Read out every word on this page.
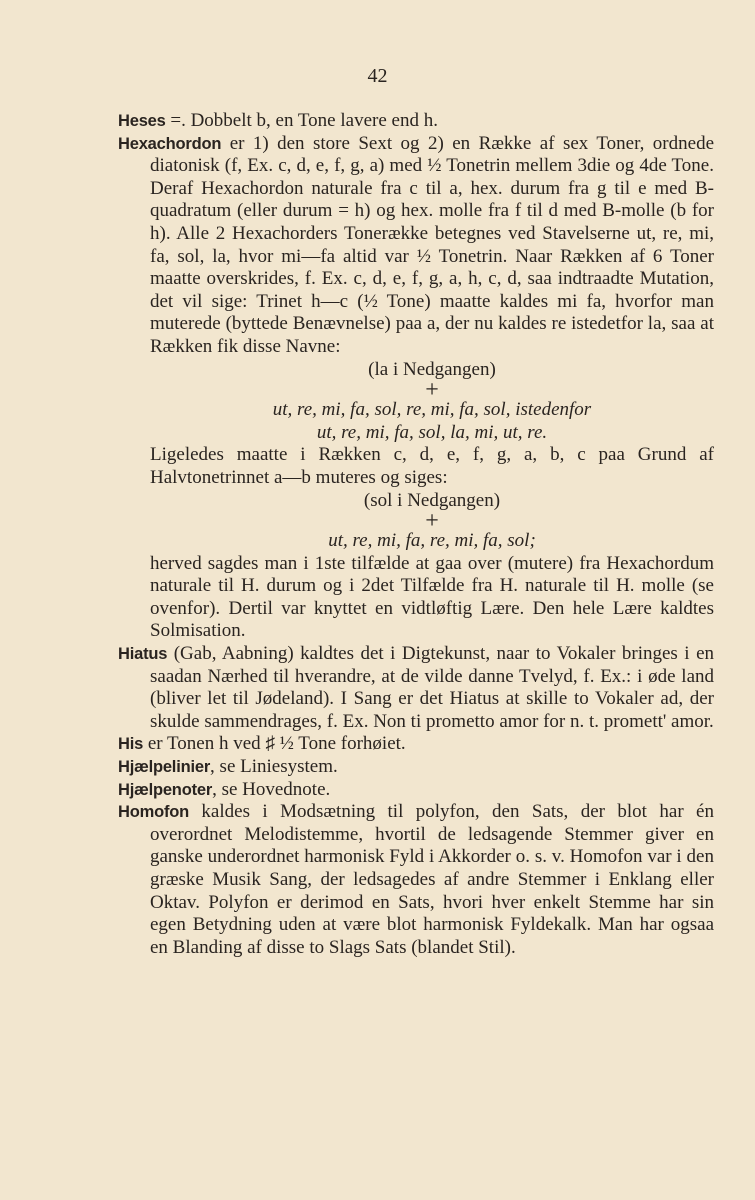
42

Heses =. Dobbelt b, en Tone lavere end h.

Hexachordon er 1) den store Sext og 2) en Række af sex Toner, ordnede diatonisk (f, Ex. c, d, e, f, g, a) med ½ Tonetrin mellem 3die og 4de Tone. Deraf Hexachordon naturale fra c til a, hex. durum fra g til e med B-quadratum (eller durum = h) og hex. molle fra f til d med B-molle (b for h). Alle 2 Hexachorders Tonerække betegnes ved Stavelserne ut, re, mi, fa, sol, la, hvor mi—fa altid var ½ Tonetrin. Naar Rækken af 6 Toner maatte overskrides, f. Ex. c, d, e, f, g, a, h, c, d, saa indtraadte Mutation, det vil sige: Trinet h—c (½ Tone) maatte kaldes mi fa, hvorfor man muterede (byttede Benævnelse) paa a, der nu kaldes re istedetfor la, saa at Rækken fik disse Navne:

(la i Nedgangen)

+

ut, re, mi, fa, sol, re, mi, fa, sol, istedenfor

ut, re, mi, fa, sol, la, mi, ut, re.

Ligeledes maatte i Rækken c, d, e, f, g, a, b, c paa Grund af Halvtonetrinnet a—b muteres og siges:

(sol i Nedgangen)

+

ut, re, mi, fa, re, mi, fa, sol;

herved sagdes man i 1ste tilfælde at gaa over (mutere) fra Hexachordum naturale til H. durum og i 2det Tilfælde fra H. naturale til H. molle (se ovenfor). Dertil var knyttet en vidtløftig Lære. Den hele Lære kaldtes Solmisation.

Hiatus (Gab, Aabning) kaldtes det i Digtekunst, naar to Vokaler bringes i en saadan Nærhed til hverandre, at de vilde danne Tvelyd, f. Ex.: i øde land (bliver let til Jødeland). I Sang er det Hiatus at skille to Vokaler ad, der skulde sammendrages, f. Ex. Non ti prometto amor for n. t. promett' amor.

His er Tonen h ved ♯ ½ Tone forhøiet.

Hjælpelinier, se Liniesystem.

Hjælpenoter, se Hovednote.

Homofon kaldes i Modsætning til polyfon, den Sats, der blot har én overordnet Melodistemme, hvortil de ledsagende Stemmer giver en ganske underordnet harmonisk Fyld i Akkorder o. s. v. Homofon var i den græske Musik Sang, der ledsagedes af andre Stemmer i Enklang eller Oktav. Polyfon er derimod en Sats, hvori hver enkelt Stemme har sin egen Betydning uden at være blot harmonisk Fyldekalk. Man har ogsaa en Blanding af disse to Slags Sats (blandet Stil).
